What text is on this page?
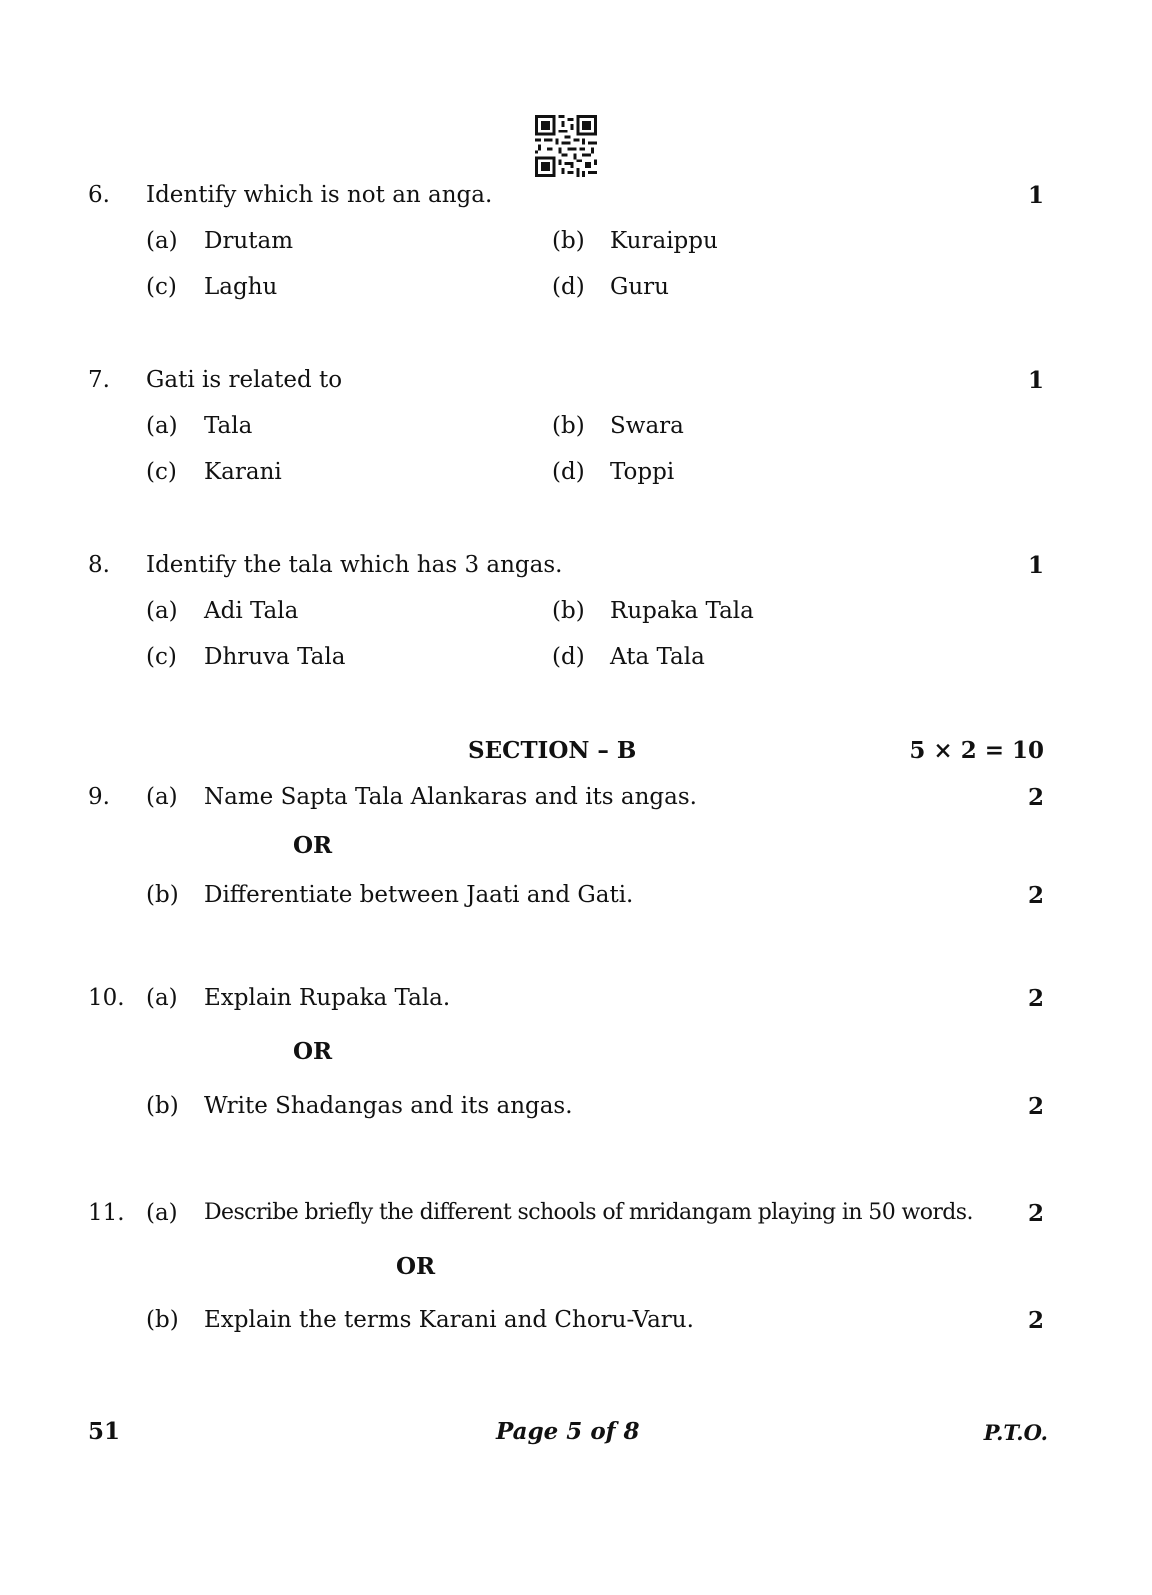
6. Identify which is not an anga.	1
(a) Drutam	(b) Kuraippu
(c) Laghu	(d) Guru
7. Gati is related to	1
(a) Tala	(b) Swara
(c) Karani	(d) Toppi
8. Identify the tala which has 3 angas.	1
(a) Adi Tala	(b) Rupaka Tala
(c) Dhruva Tala	(d) Ata Tala
SECTION – B	5 × 2 = 10
9. (a) Name Sapta Tala Alankaras and its angas.	2
OR
(b) Differentiate between Jaati and Gati.	2
10. (a) Explain Rupaka Tala.	2
OR
(b) Write Shadangas and its angas.	2
11. (a) Describe briefly the different schools of mridangam playing in 50 words. 2
OR
(b) Explain the terms Karani and Choru-Varu.	2
51	Page 5 of 8	P.T.O.
